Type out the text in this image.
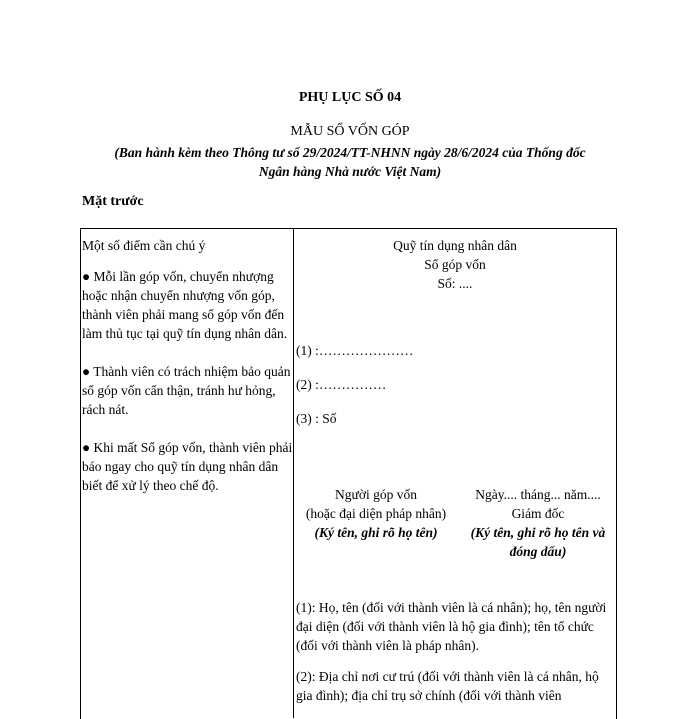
PHỤ LỤC SỐ 04
MẪU SỔ VỐN GÓP
(Ban hành kèm theo Thông tư số 29/2024/TT-NHNN ngày 28/6/2024 của Thống đốc
Ngân hàng Nhà nước Việt Nam)
Mặt trước

Một số điểm cần chú ý

● Mỗi lần góp vốn, chuyển nhượng hoặc nhận chuyển nhượng vốn góp, thành viên phải mang sổ góp vốn đến làm thủ tục tại quỹ tín dụng nhân dân.

● Thành viên có trách nhiệm bảo quản sổ góp vốn cẩn thận, tránh hư hỏng, rách nát.

● Khi mất Sổ góp vốn, thành viên phải báo ngay cho quỹ tín dụng nhân dân biết để xử lý theo chế độ.

Quỹ tín dụng nhân dân
Sổ góp vốn
Số: ....
(1) :…………………
(2) :……………
(3) : Số
Người góp vốn
(hoặc đại diện pháp nhân)
(Ký tên, ghi rõ họ tên)
Ngày.... tháng... năm....
Giám đốc
(Ký tên, ghi rõ họ tên và
đóng dấu)

(1): Họ, tên (đối với thành viên là cá nhân); họ, tên người đại diện (đối với thành viên là hộ gia đình); tên tổ chức (đối với thành viên là pháp nhân).

(2): Địa chỉ nơi cư trú (đối với thành viên là cá nhân, hộ gia đình); địa chỉ trụ sở chính (đối với thành viên
